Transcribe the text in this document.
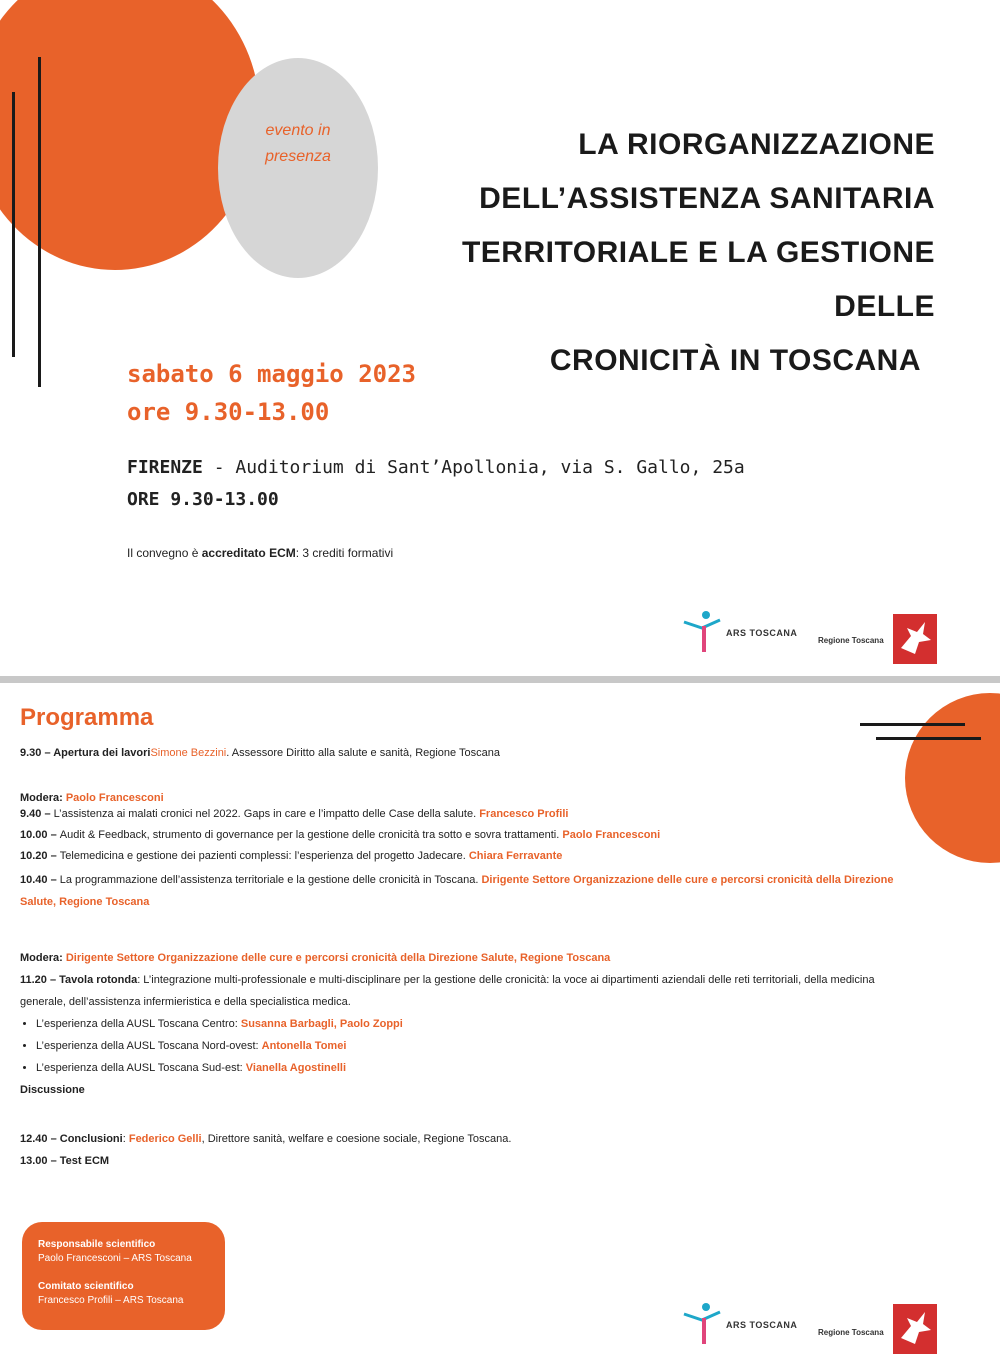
evento in
presenza	LA RIORGANIZZAZIONE
DELL’ASSISTENZA SANITARIA
TERRITORIALE E LA GESTIONE DELLE
CRONICITÀ IN TOSCANA
sabato 6 maggio 2023
ore 9.30-13.00
FIRENZE - Auditorium di Sant’Apollonia, via S. Gallo, 25a
ORE 9.30-13.00
Il convegno è accreditato ECM: 3 crediti formativi
ARS TOSCANA
Regione Toscana
Programma
9.30 – Apertura dei lavoriSimone Bezzini. Assessore Diritto alla salute e sanità, Regione Toscana
Modera: Paolo Francesconi
9.40 – L’assistenza ai malati cronici nel 2022. Gaps in care e l’impatto delle Case della salute. Francesco Profili
10.00 – Audit & Feedback, strumento di governance per la gestione delle cronicità tra sotto e sovra trattamenti. Paolo Francesconi
10.20 – Telemedicina e gestione dei pazienti complessi: l’esperienza del progetto Jadecare. Chiara Ferravante
10.40 – La programmazione dell’assistenza territoriale e la gestione delle cronicità in Toscana. Dirigente Settore Organizzazione delle cure e percorsi cronicità della Direzione Salute, Regione Toscana
Modera: Dirigente Settore Organizzazione delle cure e percorsi cronicità della Direzione Salute, Regione Toscana
11.20 – Tavola rotonda: L’integrazione multi-professionale e multi-disciplinare per la gestione delle cronicità: la voce ai dipartimenti aziendali delle reti territoriali, della medicina generale, dell’assistenza infermieristica e della specialistica medica.
• L’esperienza della AUSL Toscana Centro: Susanna Barbagli, Paolo Zoppi
• L’esperienza della AUSL Toscana Nord-ovest: Antonella Tomei
• L’esperienza della AUSL Toscana Sud-est: Vianella Agostinelli
Discussione
12.40 – Conclusioni: Federico Gelli, Direttore sanità, welfare e coesione sociale, Regione Toscana.
13.00 – Test ECM
Responsabile scientifico
Paolo Francesconi – ARS Toscana
Comitato scientifico
Francesco Profili – ARS Toscana
ARS TOSCANA
Regione Toscana
